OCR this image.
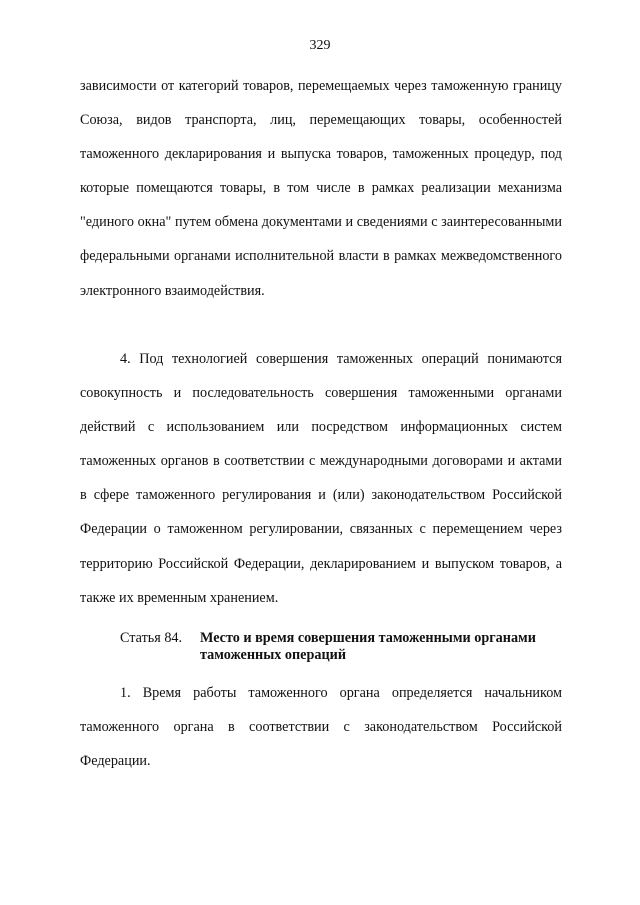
329

зависимости от категорий товаров, перемещаемых через таможенную границу Союза, видов транспорта, лиц, перемещающих товары, особенностей таможенного декларирования и выпуска товаров, таможенных процедур, под которые помещаются товары, в том числе в рамках реализации механизма "единого окна" путем обмена документами и сведениями с заинтересованными федеральными органами исполнительной власти в рамках межведомственного электронного взаимодействия.

4. Под технологией совершения таможенных операций понимаются совокупность и последовательность совершения таможенными органами действий с использованием или посредством информационных систем таможенных органов в соответствии с международными договорами и актами в сфере таможенного регулирования и (или) законодательством Российской Федерации о таможенном регулировании, связанных с перемещением через территорию Российской Федерации, декларированием и выпуском товаров, а также их временным хранением.

Статья 84. Место и время совершения таможенными органами таможенных операций

1. Время работы таможенного органа определяется начальником таможенного органа в соответствии с законодательством Российской Федерации.
